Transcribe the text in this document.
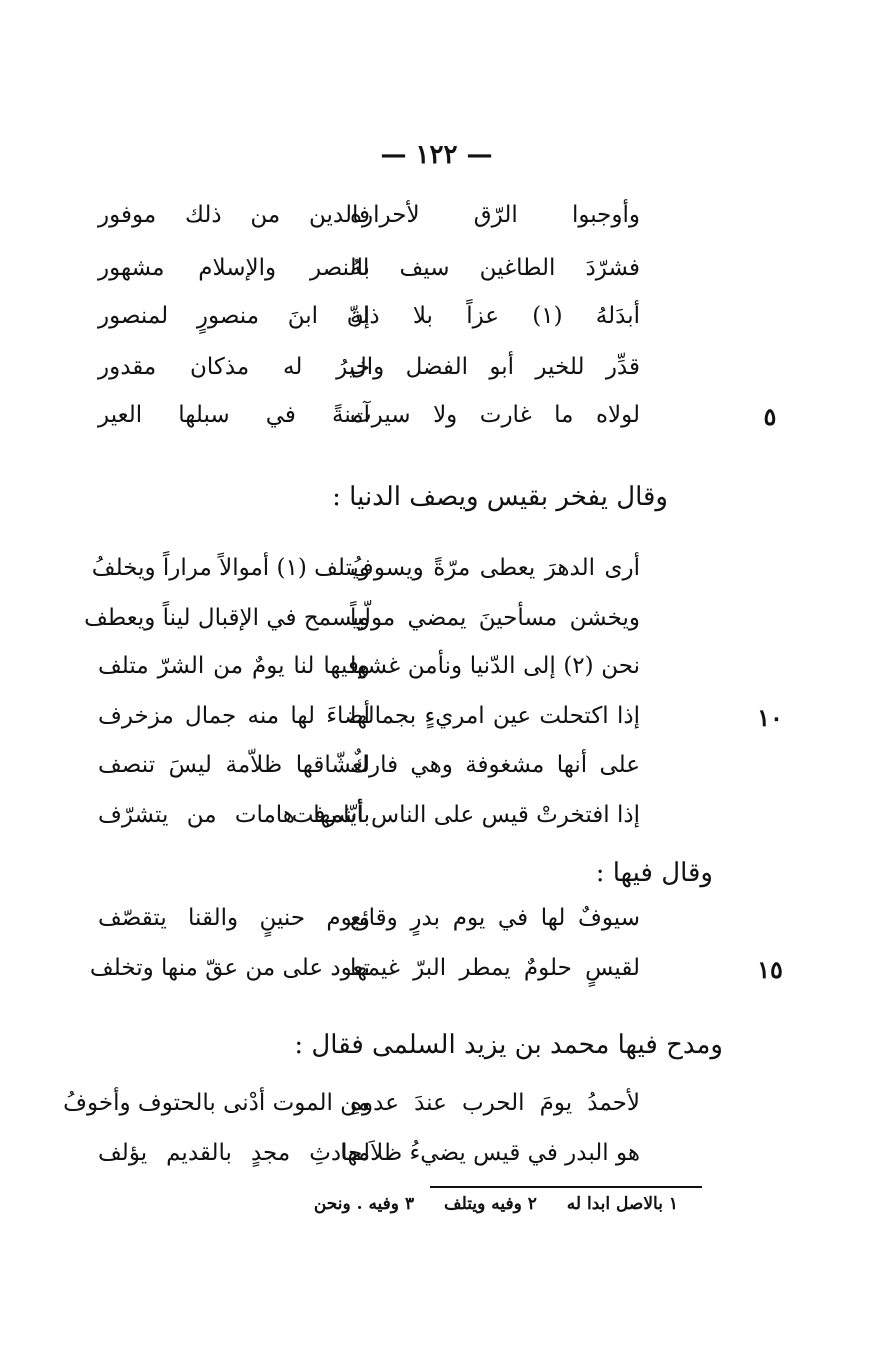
— ١٢٢ —
وأوجبوا الرّق لأحراره
فالدين من ذلك موفور
فشرّدَ الطاغين سيف لهُ
بالنصر والإسلام مشهور
أبدَلهُ (١) عزاً بلا ذلة
إنّ ابنَ منصورٍ لمنصور
قدِّر للخير أبو الفضل وال
خيرُ له مذكان مقدور
لولاه ما غارت ولا سيرت
آمنةً في سبلها العير	٥
وقال يفخر بقيس ويصف الدنيا :
أرى الدهرَ يعطى مرّةً ويسوفُ
ويتلف (١) أموالاً مراراً ويخلفُ
ويخشن مسأحينَ يمضي مولّياً
ويسمح في الإقبال ليناً ويعطف
نحن (٢) إلى الدّنيا ونأمن غشها
وفيها لنا يومٌ من الشرّ متلف
إذا اكتحلت عين امريءٍ بجمالها
أضاءَ لها منه جمال مزخرف	١٠
على أنها مشغوفة وهي فاركٌ
لعشّاقها ظلاّمة ليسَ تنصف
إذا افتخرتْ قيس على الناس أشرفت
بأيّامها هامات من يتشرّف
وقال فيها :
سيوفٌ لها في يوم بدرٍ وقائع
ويوم حنينٍ والقنا يتقصّف
لقيسٍ حلومٌ يمطر البرّ غيمها
تعود على من عقّ منها وتخلف	١٥
ومدح فيها محمد بن يزيد السلمى فقال :
لأحمدُ يومَ الحرب عندَ عدوهِ
من الموت أدْنى بالحتوف وأخوفُ
هو البدر في قيس يضيءُ ظلاَمها
لحادثِ مجدٍ بالقديم يؤلف
١ بالاصل ابدا له ٢ وفيه ويتلف ٣ وفيه . ونحن
